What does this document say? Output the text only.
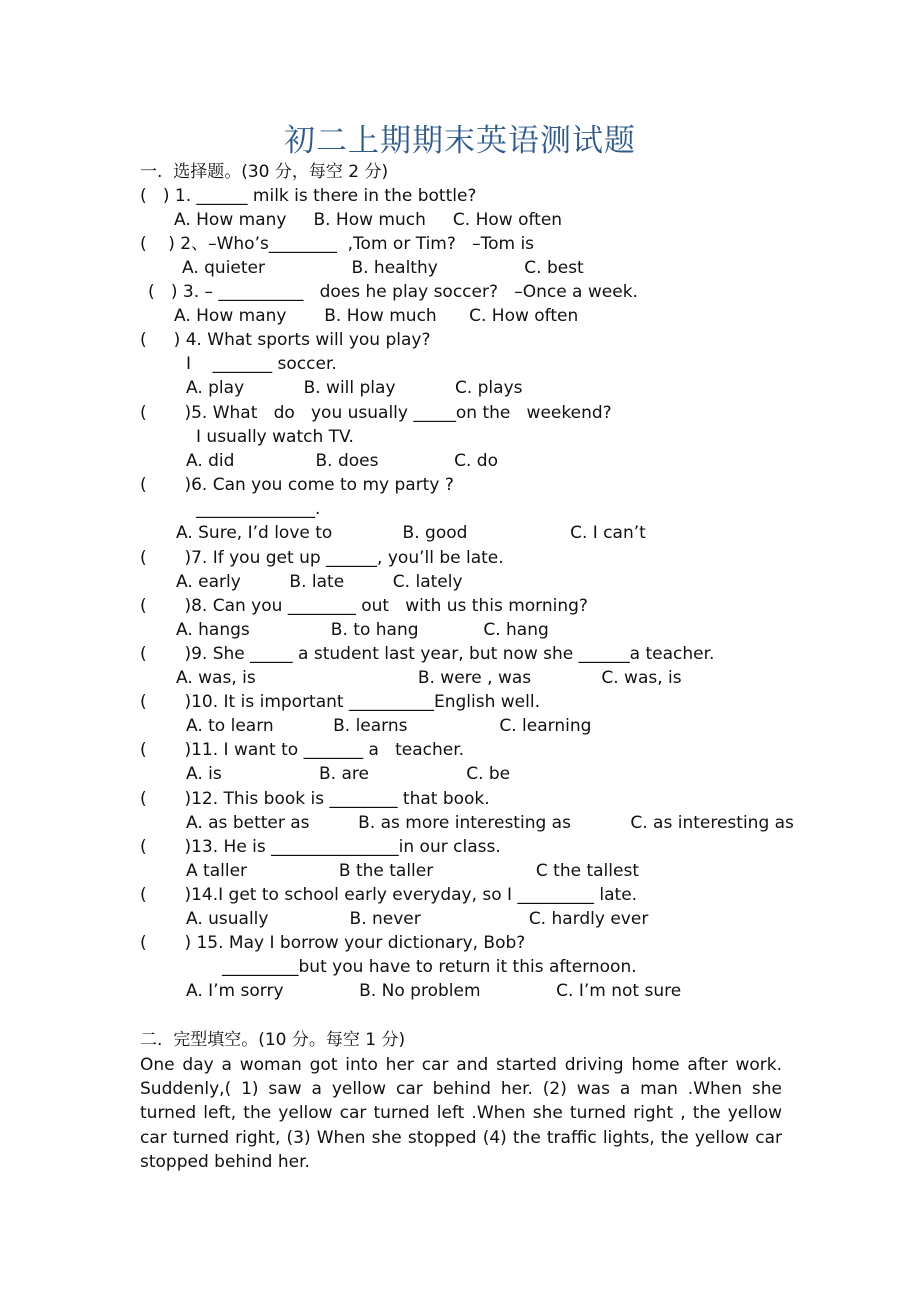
初二上期期末英语测试题
一.  选择题。(30 分，每空 2 分)
(   ) 1. ______ milk is there in the bottle?
A. How many     B. How much     C. How often
(    ) 2、–Who’s________  ,Tom or Tim?   –Tom is
A. quieter                B. healthy                C. best
(   ) 3. – __________   does he play soccer?   –Once a week.
A. How many       B. How much      C. How often
(     ) 4. What sports will you play?
I    _______ soccer.
A. play           B. will play           C. plays
(       )5. What   do   you usually _____on the   weekend?
I usually watch TV.
A. did               B. does              C. do
(       )6. Can you come to my party ?
______________.
A. Sure, I’d love to             B. good                   C. I can’t
(       )7. If you get up ______, you’ll be late.
A. early         B. late         C. lately
(       )8. Can you ________ out   with us this morning?
A. hangs               B. to hang            C. hang
(       )9. She _____ a student last year, but now she ______a teacher.
A. was, is                              B. were , was             C. was, is
(       )10. It is important __________English well.
A. to learn           B. learns                 C. learning
(       )11. I want to _______ a   teacher.
A. is                  B. are                  C. be
(       )12. This book is ________ that book.
A. as better as         B. as more interesting as           C. as interesting as
(       )13. He is _______________in our class.
A taller                 B the taller                   C the tallest
(       )14.I get to school early everyday, so I _________ late.
A. usually               B. never                    C. hardly ever
(       ) 15. May I borrow your dictionary, Bob?
_________but you have to return it this afternoon.
A. I’m sorry              B. No problem              C. I’m not sure
二.  完型填空。(10 分。每空 1 分)
One day a woman got into her car and started driving home after work. Suddenly,( 1) saw a yellow car behind her. (2) was a man .When she turned left, the yellow car turned left .When she turned right , the yellow car turned right, (3) When she stopped (4) the traffic lights, the yellow car stopped behind her.
